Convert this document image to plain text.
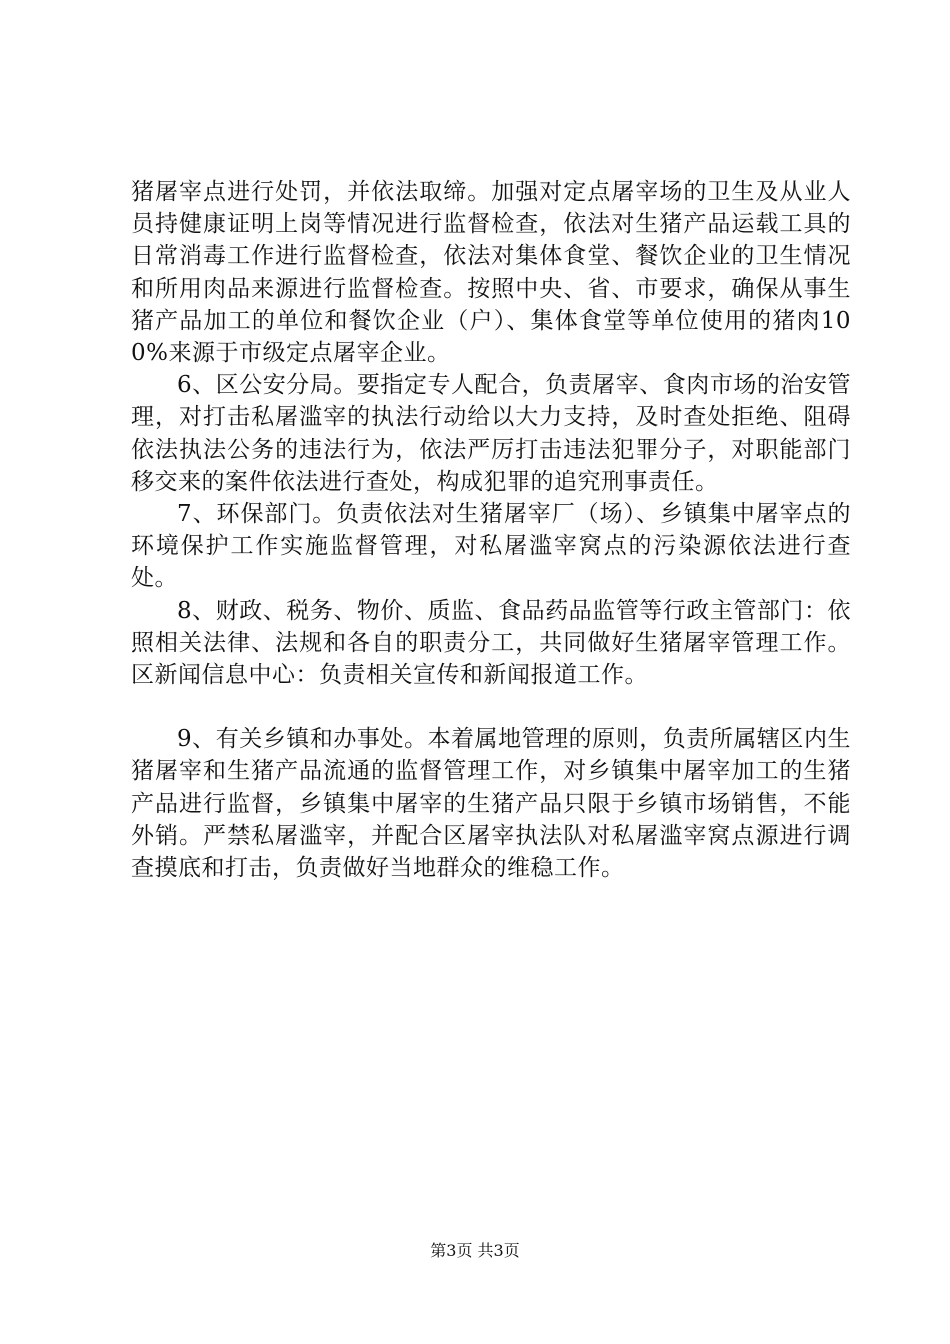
猪屠宰点进行处罚，并依法取缔。加强对定点屠宰场的卫生及从业人员持健康证明上岗等情况进行监督检查，依法对生猪产品运载工具的日常消毒工作进行监督检查，依法对集体食堂、餐饮企业的卫生情况和所用肉品来源进行监督检查。按照中央、省、市要求，确保从事生猪产品加工的单位和餐饮企业（户）、集体食堂等单位使用的猪肉100%来源于市级定点屠宰企业。

6、区公安分局。要指定专人配合，负责屠宰、食肉市场的治安管理，对打击私屠滥宰的执法行动给以大力支持，及时查处拒绝、阻碍依法执法公务的违法行为，依法严厉打击违法犯罪分子，对职能部门移交来的案件依法进行查处，构成犯罪的追究刑事责任。

7、环保部门。负责依法对生猪屠宰厂（场）、乡镇集中屠宰点的环境保护工作实施监督管理，对私屠滥宰窝点的污染源依法进行查处。

8、财政、税务、物价、质监、食品药品监管等行政主管部门：依照相关法律、法规和各自的职责分工，共同做好生猪屠宰管理工作。区新闻信息中心：负责相关宣传和新闻报道工作。

9、有关乡镇和办事处。本着属地管理的原则，负责所属辖区内生猪屠宰和生猪产品流通的监督管理工作，对乡镇集中屠宰加工的生猪产品进行监督，乡镇集中屠宰的生猪产品只限于乡镇市场销售，不能外销。严禁私屠滥宰，并配合区屠宰执法队对私屠滥宰窝点源进行调查摸底和打击，负责做好当地群众的维稳工作。

第3页 共3页
